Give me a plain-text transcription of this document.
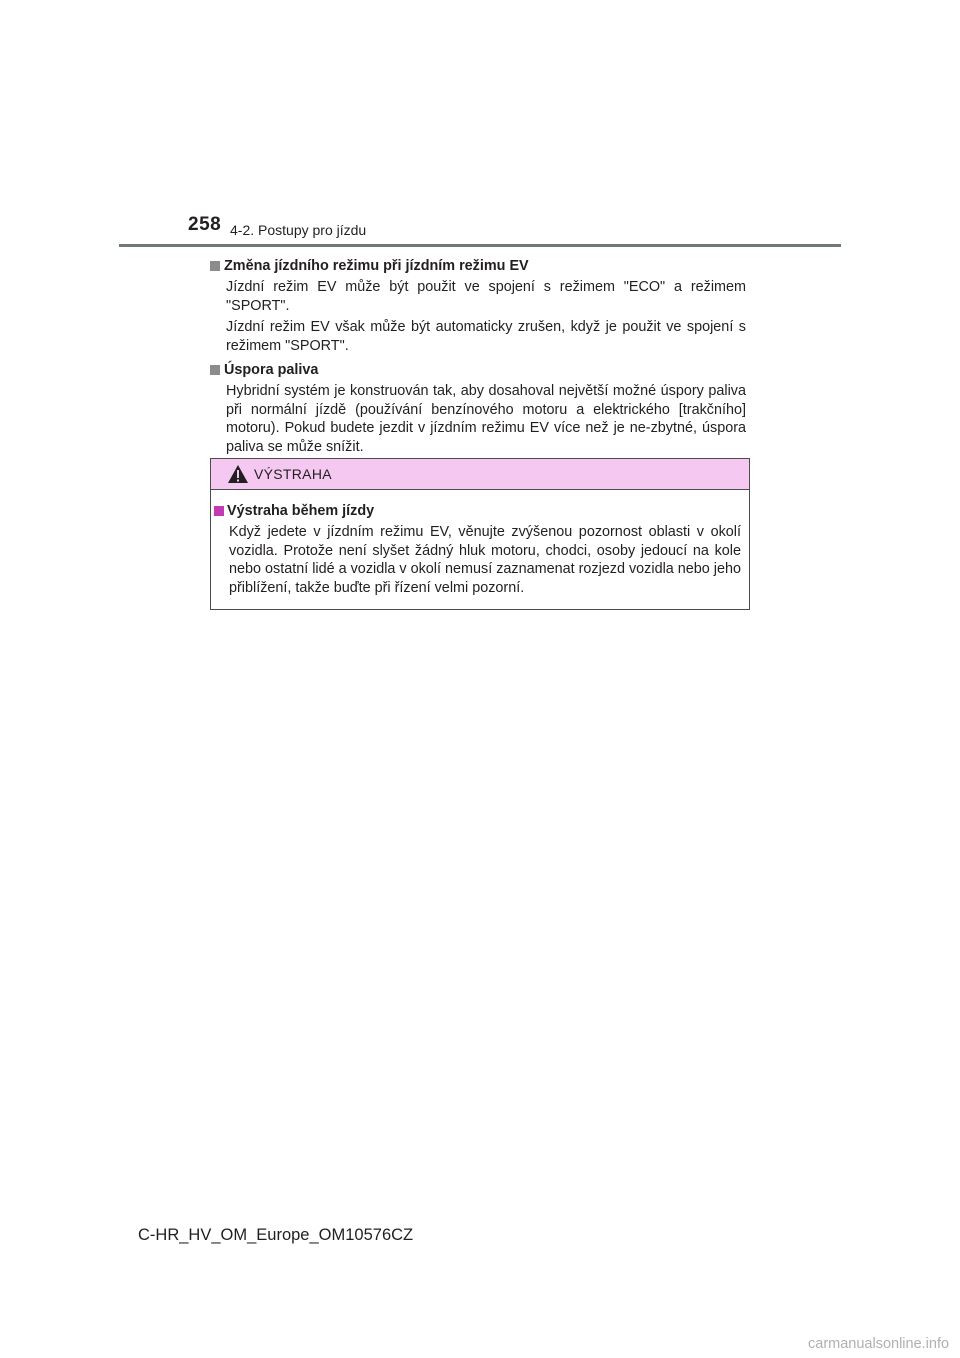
258 4-2. Postupy pro jízdu
Změna jízdního režimu při jízdním režimu EV

Jízdní režim EV může být použit ve spojení s režimem "ECO" a režimem "SPORT".

Jízdní režim EV však může být automaticky zrušen, když je použit ve spojení s režimem "SPORT".

Úspora paliva

Hybridní systém je konstruován tak, aby dosahoval největší možné úspory paliva při normální jízdě (používání benzínového motoru a elektrického [trakčního] motoru). Pokud budete jezdit v jízdním režimu EV více než je ne-zbytné, úspora paliva se může snížit.

VÝSTRAHA
Výstraha během jízdy
Když jedete v jízdním režimu EV, věnujte zvýšenou pozornost oblasti v okolí vozidla. Protože není slyšet žádný hluk motoru, chodci, osoby jedoucí na kole nebo ostatní lidé a vozidla v okolí nemusí zaznamenat rozjezd vozidla nebo jeho přiblížení, takže buďte při řízení velmi pozorní.
C-HR_HV_OM_Europe_OM10576CZ
carmanualsonline.info
